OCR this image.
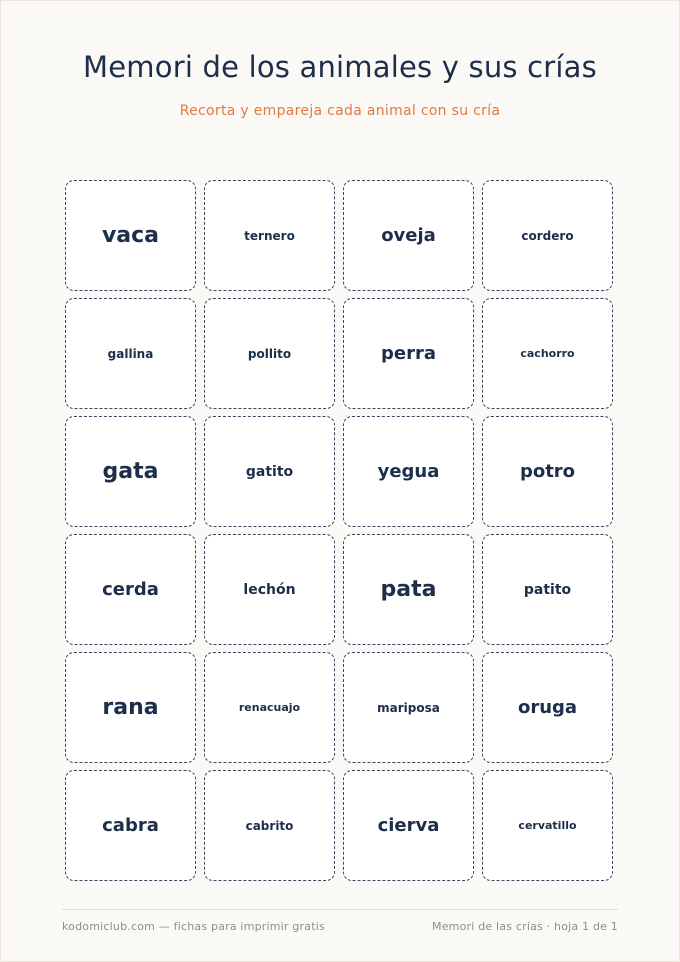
Memori de los animales y sus crías
Recorta y empareja cada animal con su cría
vaca	ternero	oveja	cordero
gallina	pollito	perra	cachorro
gata	gatito	yegua	potro
cerda	lechón	pata	patito
rana	renacuajo	mariposa	oruga
cabra	cabrito	cierva	cervatillo
kodomiclub.com — fichas para imprimir gratis	Memori de las crías · hoja 1 de 1
